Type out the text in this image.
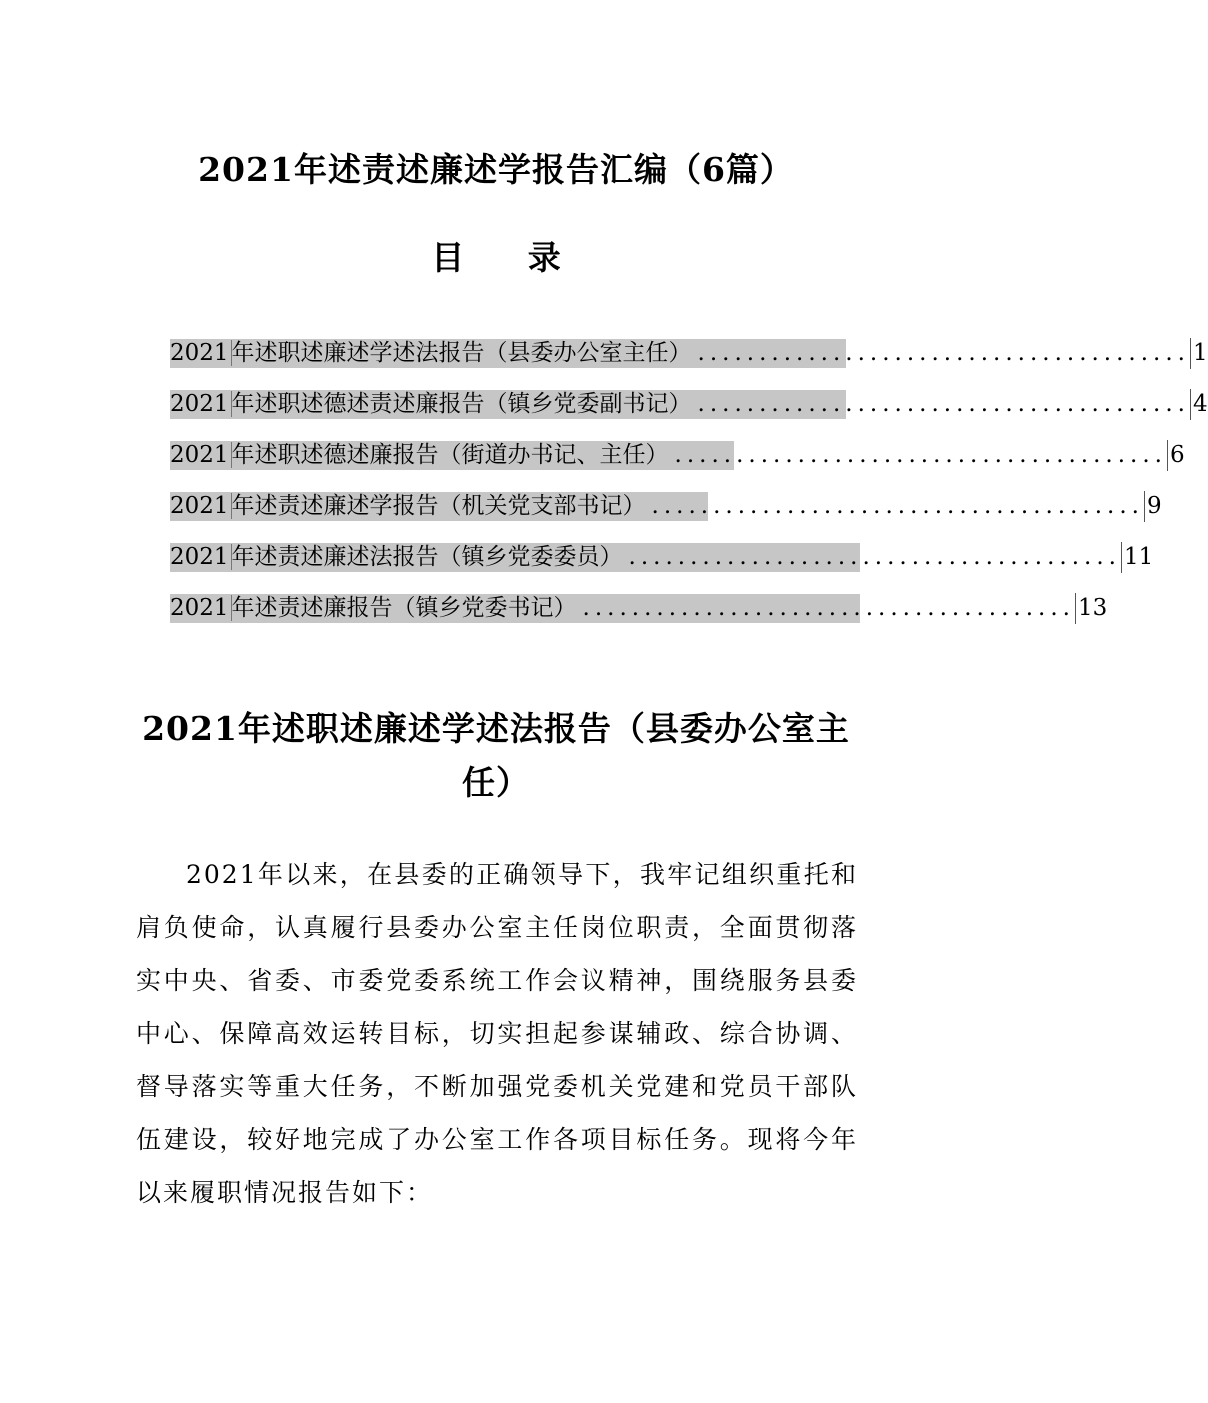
2021年述责述廉述学报告汇编（6篇）
目 录
2021 年述职述廉述学述法报告（县委办公室主任） ........................................ 1
2021 年述职述德述责述廉报告（镇乡党委副书记） ........................................ 4
2021 年述职述德述廉报告（街道办书记、主任） ........................................ 6
2021 年述责述廉述学报告（机关党支部书记） ........................................ 9
2021 年述责述廉述法报告（镇乡党委委员） ........................................ 11
2021 年述责述廉报告（镇乡党委书记） ........................................ 13
2021年述职述廉述学述法报告（县委办公室主任）
2021年以来，在县委的正确领导下，我牢记组织重托和肩负使命，认真履行县委办公室主任岗位职责，全面贯彻落实中央、省委、市委党委系统工作会议精神，围绕服务县委中心、保障高效运转目标，切实担起参谋辅政、综合协调、督导落实等重大任务，不断加强党委机关党建和党员干部队伍建设，较好地完成了办公室工作各项目标任务。现将今年以来履职情况报告如下：
